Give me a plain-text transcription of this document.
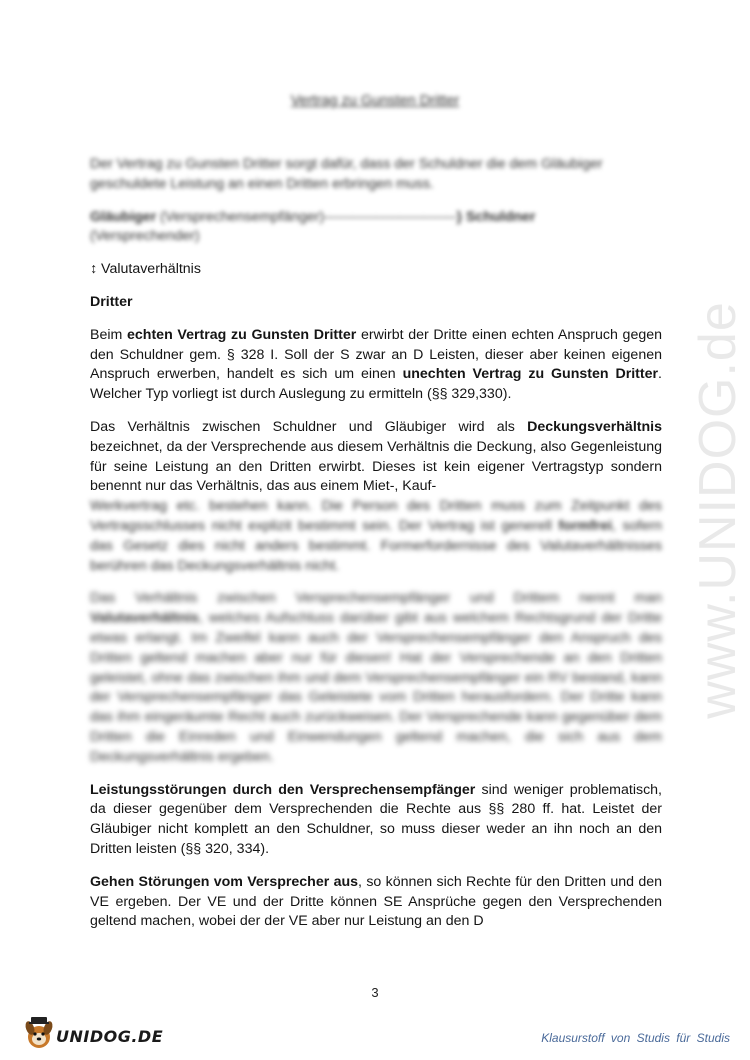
www.UNIDOG.de
Vertrag zu Gunsten Dritter

Der Vertrag zu Gunsten Dritter sorgt dafür, dass der Schuldner die dem Gläubiger geschuldete Leistung an einen Dritten erbringen muss.

Gläubiger (Versprechensempfänger)----------------------------} Schuldner
(Versprechender)

↕ Valutaverhältnis

Dritter

Beim echten Vertrag zu Gunsten Dritter erwirbt der Dritte einen echten Anspruch gegen den Schuldner gem. § 328 I. Soll der S zwar an D Leisten, dieser aber keinen eigenen Anspruch erwerben, handelt es sich um einen unechten Vertrag zu Gunsten Dritter. Welcher Typ vorliegt ist durch Auslegung zu ermitteln (§§ 329,330).

Das Verhältnis zwischen Schuldner und Gläubiger wird als Deckungsverhältnis bezeichnet, da der Versprechende aus diesem Verhältnis die Deckung, also Gegenleistung für seine Leistung an den Dritten erwirbt. Dieses ist kein eigener Vertragstyp sondern benennt nur das Verhältnis, das aus einem Miet-, Kauf-

Werkvertrag etc. bestehen kann. Die Person des Dritten muss zum Zeitpunkt des Vertragsschlusses nicht explizit bestimmt sein. Der Vertrag ist generell formfrei, sofern das Gesetz dies nicht anders bestimmt. Formerfordernisse des Valutaverhältnisses berühren das Deckungsverhältnis nicht.

Das Verhältnis zwischen Versprechensempfänger und Drittem nennt man Valutaverhältnis, welches Aufschluss darüber gibt aus welchem Rechtsgrund der Dritte etwas erlangt. Im Zweifel kann auch der Versprechensempfänger den Anspruch des Dritten geltend machen aber nur für diesen! Hat der Versprechende an den Dritten geleistet, ohne das zwischen ihm und dem Versprechensempfänger ein RV bestand, kann der Versprechensempfänger das Geleistete vom Dritten herausfordern. Der Dritte kann das ihm eingeräumte Recht auch zurückweisen. Der Versprechende kann gegenüber dem Dritten die Einreden und Einwendungen geltend machen, die sich aus dem Deckungsverhältnis ergeben.

Leistungsstörungen durch den Versprechensempfänger sind weniger problematisch, da dieser gegenüber dem Versprechenden die Rechte aus §§ 280 ff. hat. Leistet der Gläubiger nicht komplett an den Schuldner, so muss dieser weder an ihn noch an den Dritten leisten (§§ 320, 334).

Gehen Störungen vom Versprecher aus, so können sich Rechte für den Dritten und den VE ergeben. Der VE und der Dritte können SE Ansprüche gegen den Versprechenden geltend machen, wobei der der VE aber nur Leistung an den D

3
UNIDOG.DE	Klausurstoff von Studis für Studis
